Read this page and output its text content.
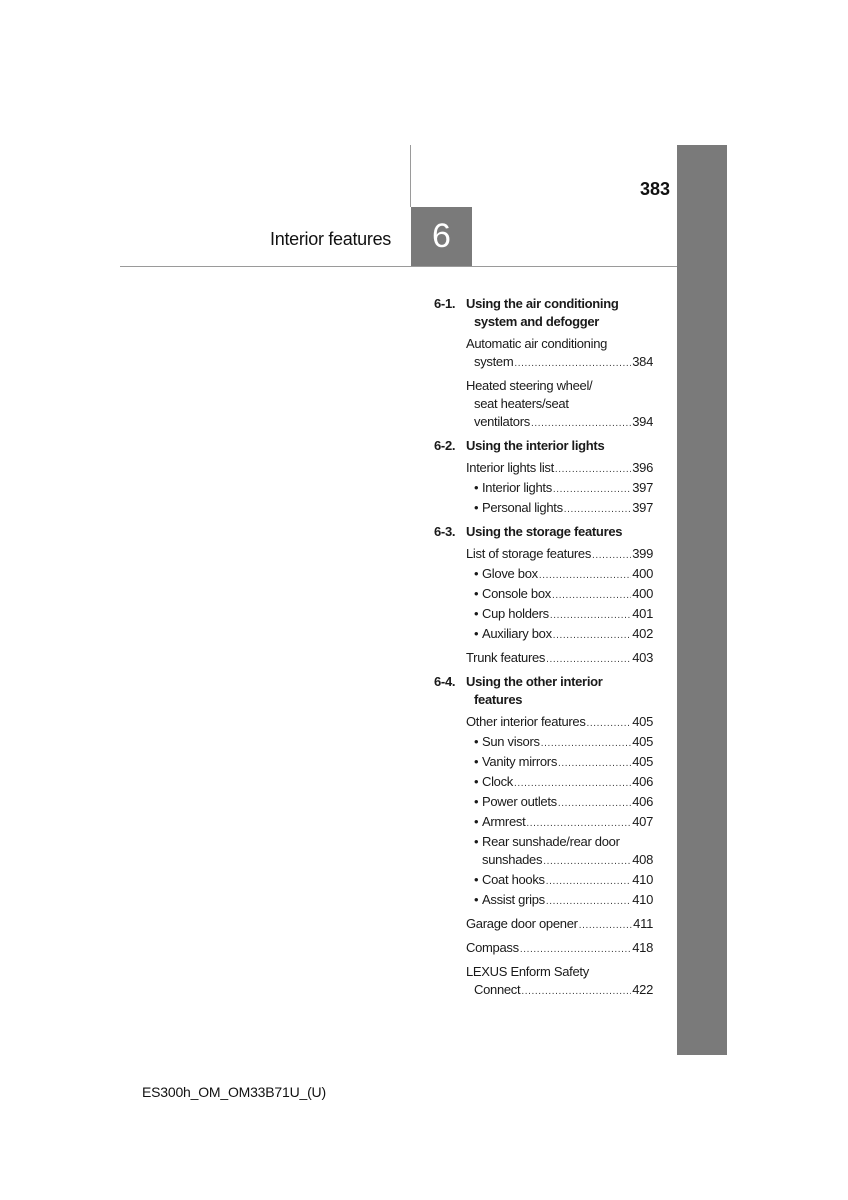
383
Interior features	6
6-1. Using the air conditioning
system and defogger
Automatic air conditioning
system .....	384
Heated steering wheel/
seat heaters/seat
ventilators .....	394
6-2. Using the interior lights
Interior lights list .....	396
• Interior lights .....	397
• Personal lights .....	397
6-3. Using the storage features
List of storage features .....	399
• Glove box .....	400
• Console box .....	400
• Cup holders .....	401
• Auxiliary box .....	402
Trunk features .....	403
6-4. Using the other interior
features
Other interior features .....	405
• Sun visors .....	405
• Vanity mirrors .....	405
• Clock .....	406
• Power outlets .....	406
• Armrest .....	407
• Rear sunshade/rear door
sunshades .....	408
• Coat hooks .....	410
• Assist grips .....	410
Garage door opener .....	411
Compass .....	418
LEXUS Enform Safety
Connect .....	422
ES300h_OM_OM33B71U_(U)
